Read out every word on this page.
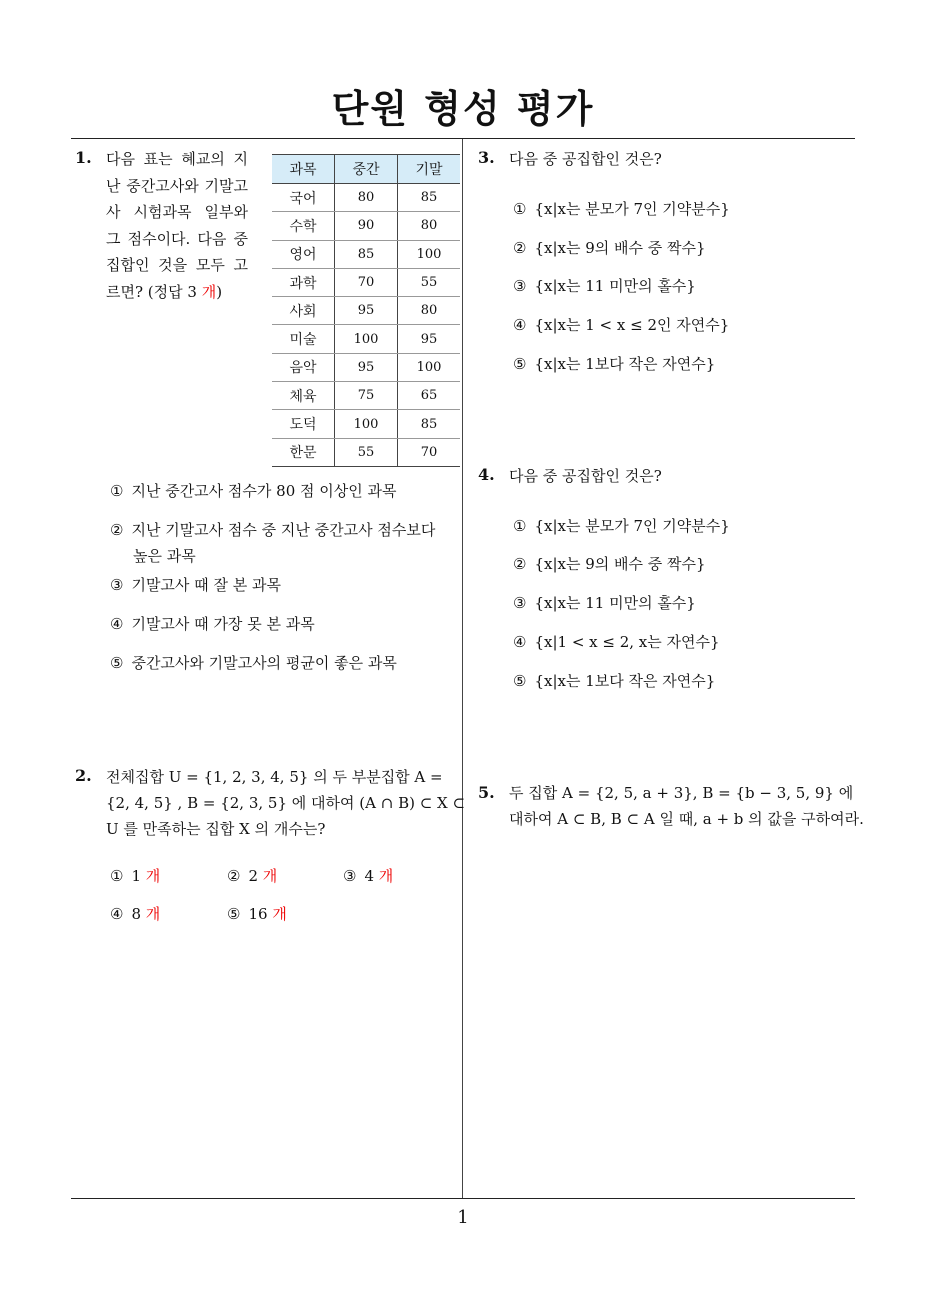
단원 형성 평가
1
1. 다음 표는 혜교의 지난 중간고사와 기말고사 시험과목 일부와 그 점수이다. 다음 중 집합인 것을 모두 고르면? (정답 3 개)
과목	중간	기말
국어	80	85
수학	90	80
영어	85	100
과학	70	55
사회	95	80
미술	100	95
음악	95	100
체육	75	65
도덕	100	85
한문	55	70
① 지난 중간고사 점수가 80 점 이상인 과목
② 지난 기말고사 점수 중 지난 중간고사 점수보다
높은 과목
③ 기말고사 때 잘 본 과목
④ 기말고사 때 가장 못 본 과목
⑤ 중간고사와 기말고사의 평균이 좋은 과목
2. 전체집합 U = {1, 2, 3, 4, 5} 의 두 부분집합 A =
{2, 4, 5} , B = {2, 3, 5} 에 대하여 (A ∩ B) ⊂ X ⊂
U 를 만족하는 집합 X 의 개수는?
① 1 개	② 2 개	③ 4 개
④ 8 개	⑤ 16 개
3. 다음 중 공집합인 것은?
① {x|x는 분모가 7인 기약분수}
② {x|x는 9의 배수 중 짝수}
③ {x|x는 11 미만의 홀수}
④ {x|x는 1 < x ≤ 2인 자연수}
⑤ {x|x는 1보다 작은 자연수}
4. 다음 중 공집합인 것은?
① {x|x는 분모가 7인 기약분수}
② {x|x는 9의 배수 중 짝수}
③ {x|x는 11 미만의 홀수}
④ {x|1 < x ≤ 2, x는 자연수}
⑤ {x|x는 1보다 작은 자연수}
5. 두 집합 A = {2, 5, a + 3}, B = {b − 3, 5, 9} 에
대하여 A ⊂ B, B ⊂ A 일 때, a + b 의 값을 구하여라.
